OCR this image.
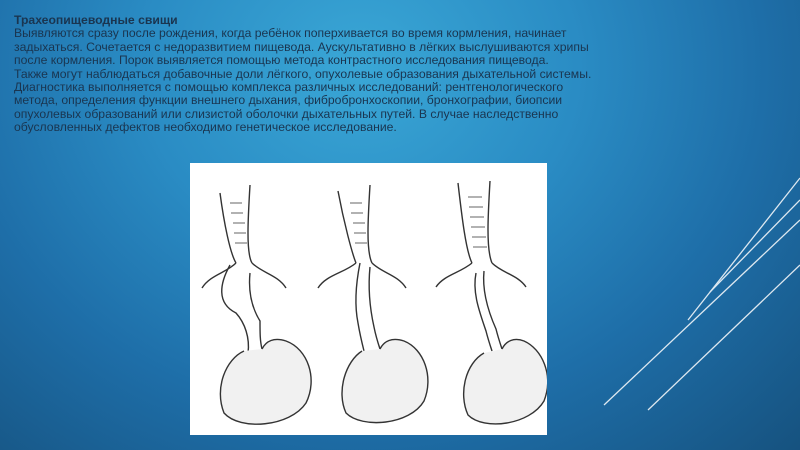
Трахеопищеводные свищи
Выявляются сразу после рождения, когда ребёнок поперхивается во время кормления, начинает
задыхаться. Сочетается с недоразвитием пищевода. Аускультативно в лёгких выслушиваются хрипы
после кормления. Порок выявляется помощью метода контрастного исследования пищевода.
Также могут наблюдаться добавочные доли лёгкого, опухолевые образования дыхательной системы.
Диагностика выполняется с помощью комплекса различных исследований: рентгенологического
метода, определения функции внешнего дыхания, фибробронхоскопии, бронхографии, биопсии
опухолевых образований или слизистой оболочки дыхательных путей. В случае наследственно
обусловленных дефектов необходимо генетическое исследование.
